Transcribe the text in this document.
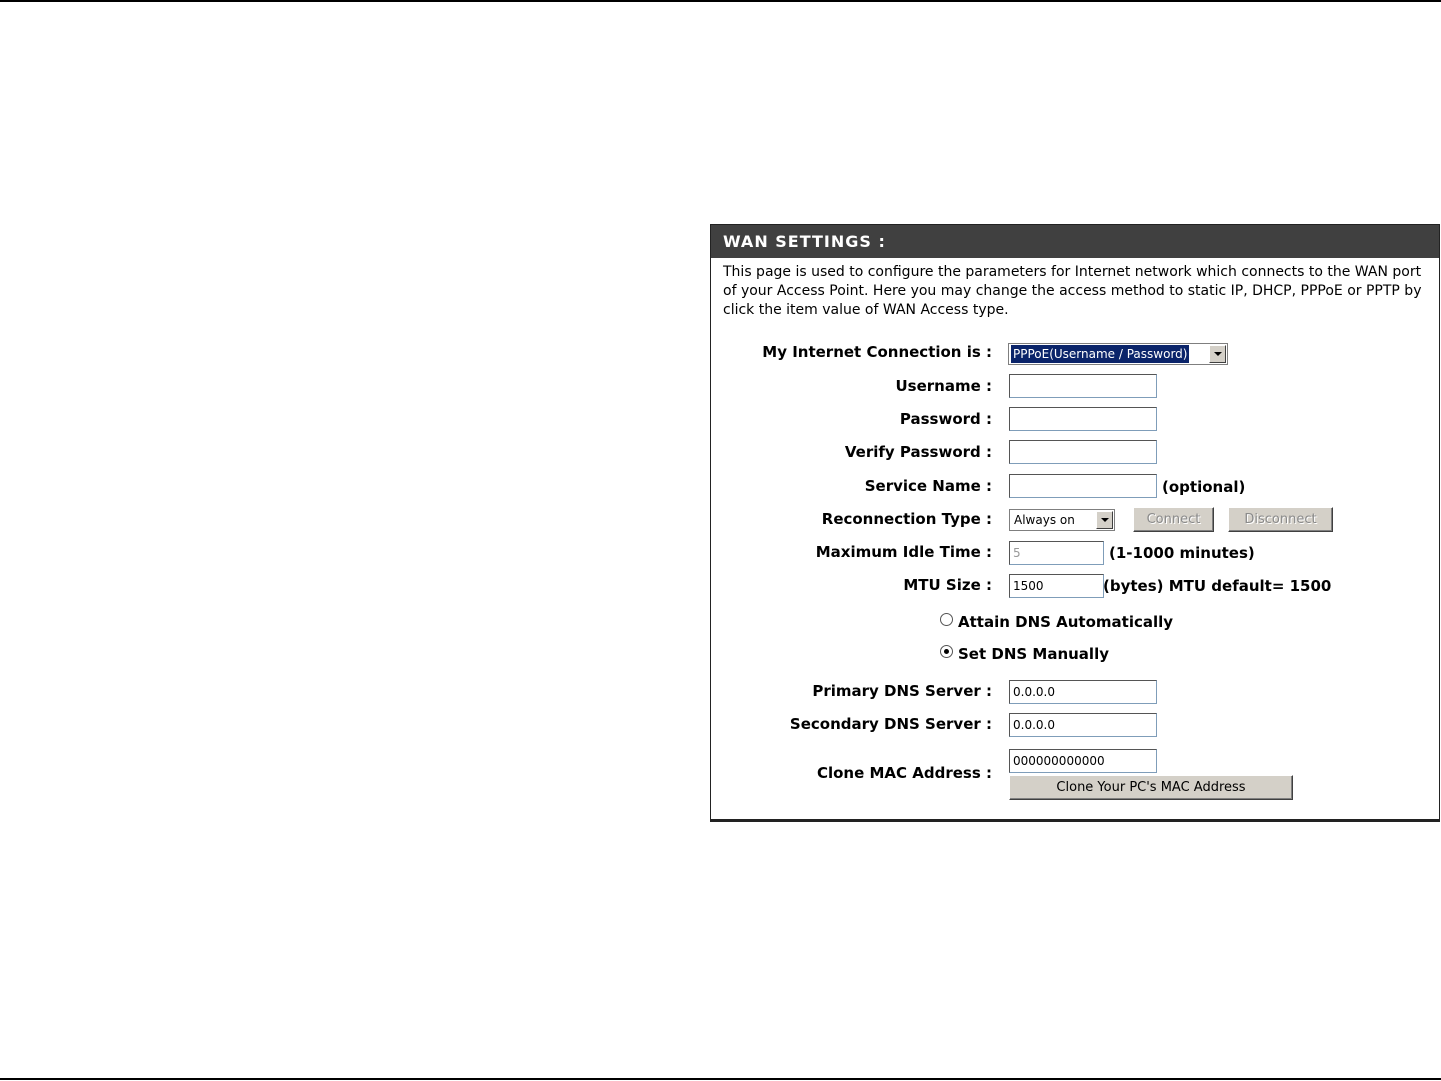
WAN SETTINGS :

This page is used to configure the parameters for Internet network which connects to the WAN port of your Access Point. Here you may change the access method to static IP, DHCP, PPPoE or PPTP by click the item value of WAN Access type.

My Internet Connection is : PPPoE(Username / Password)
Username :
Password :
Verify Password :
Service Name :	(optional)
Reconnection Type : Always on	Connect	Disconnect
Maximum Idle Time :
5	(1-1000 minutes)
MTU Size :
1500	(bytes) MTU default= 1500
Attain DNS Automatically
Set DNS Manually
Primary DNS Server :
0.0.0.0
Secondary DNS Server :
0.0.0.0
Clone MAC Address :
000000000000
Clone Your PC's MAC Address
